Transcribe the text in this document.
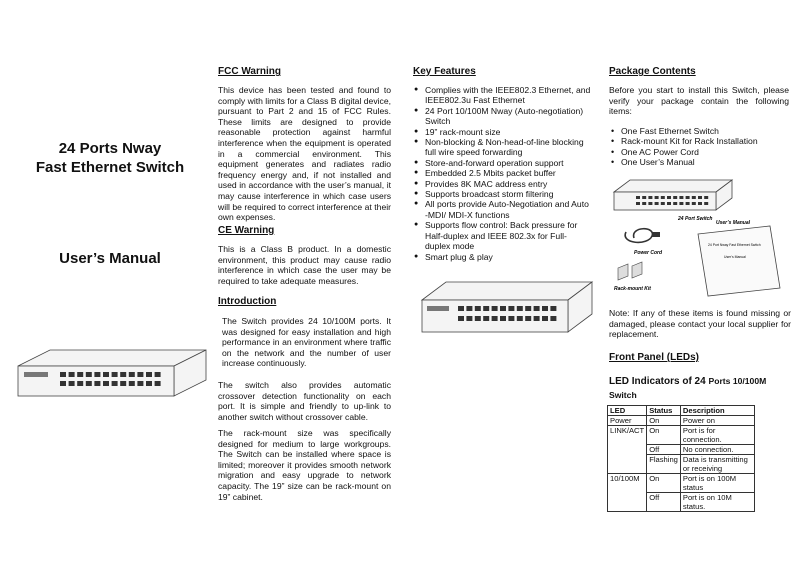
24 Ports Nway
Fast Ethernet Switch
User’s Manual
FCC Warning
This device has been tested and found to comply with limits for a Class B digital device, pursuant to Part 2 and 15 of FCC Rules. These limits are designed to provide reasonable protection against harmful interference when the equipment is operated in a commercial environment. This equipment generates and radiates radio frequency energy and, if not installed and used in accordance with the user’s manual, it may cause interference in which case users will be required to correct interference at their own expenses.
CE Warning
This is a Class B product. In a domestic environment, this product may cause radio interference in which case the user may be required to take adequate measures.
Introduction
The Switch provides 24 10/100M ports. It was designed for easy installation and high performance in an environment where traffic on the network and the number of user increase continuously.
The switch also provides automatic crossover detection functionality on each port. It is simple and friendly to up-link to another switch without crossover cable.
The rack-mount size was specifically designed for medium to large workgroups. The Switch can be installed where space is limited; moreover it provides smooth network migration and easy upgrade to network capacity. The 19” size can be rack-mount on 19” cabinet.
Key Features
● Complies with the IEEE802.3 Ethernet, and IEEE802.3u Fast Ethernet
● 24 Port 10/100M Nway (Auto-negotiation) Switch
● 19” rack-mount size
● Non-blocking & Non-head-of-line blocking full wire speed forwarding
● Store-and-forward operation support
● Embedded 2.5 Mbits packet buffer
● Provides 8K MAC address entry
● Supports broadcast storm filtering
● All ports provide Auto-Negotiation and Auto -MDI/ MDI-X functions
● Supports flow control: Back pressure for Half-duplex and IEEE 802.3x for Full-duplex mode
● Smart plug & play
Package Contents
Before you start to install this Switch, please verify your package contain the following items:
• One Fast Ethernet Switch
• Rack-mount Kit for Rack Installation
• One AC Power Cord
• One User’s Manual
24 Port Switch
Power Cord
Rack-mount Kit
User’s Manual
24 Port Nway Fast Ethernet Switch
User’s Manual
Note: If any of these items is found missing or damaged, please contact your local supplier for replacement.
Front Panel (LEDs)
LED Indicators of 24 Ports 10/100M
Switch
LED	Status	Description
Power	On	Power on
LINK/ACT	On	Port is for connection.
	Off	No connection.
	Flashing	Data is transmitting or receiving
10/100M	On	Port is on 100M status
	Off	Port is on 10M status.
